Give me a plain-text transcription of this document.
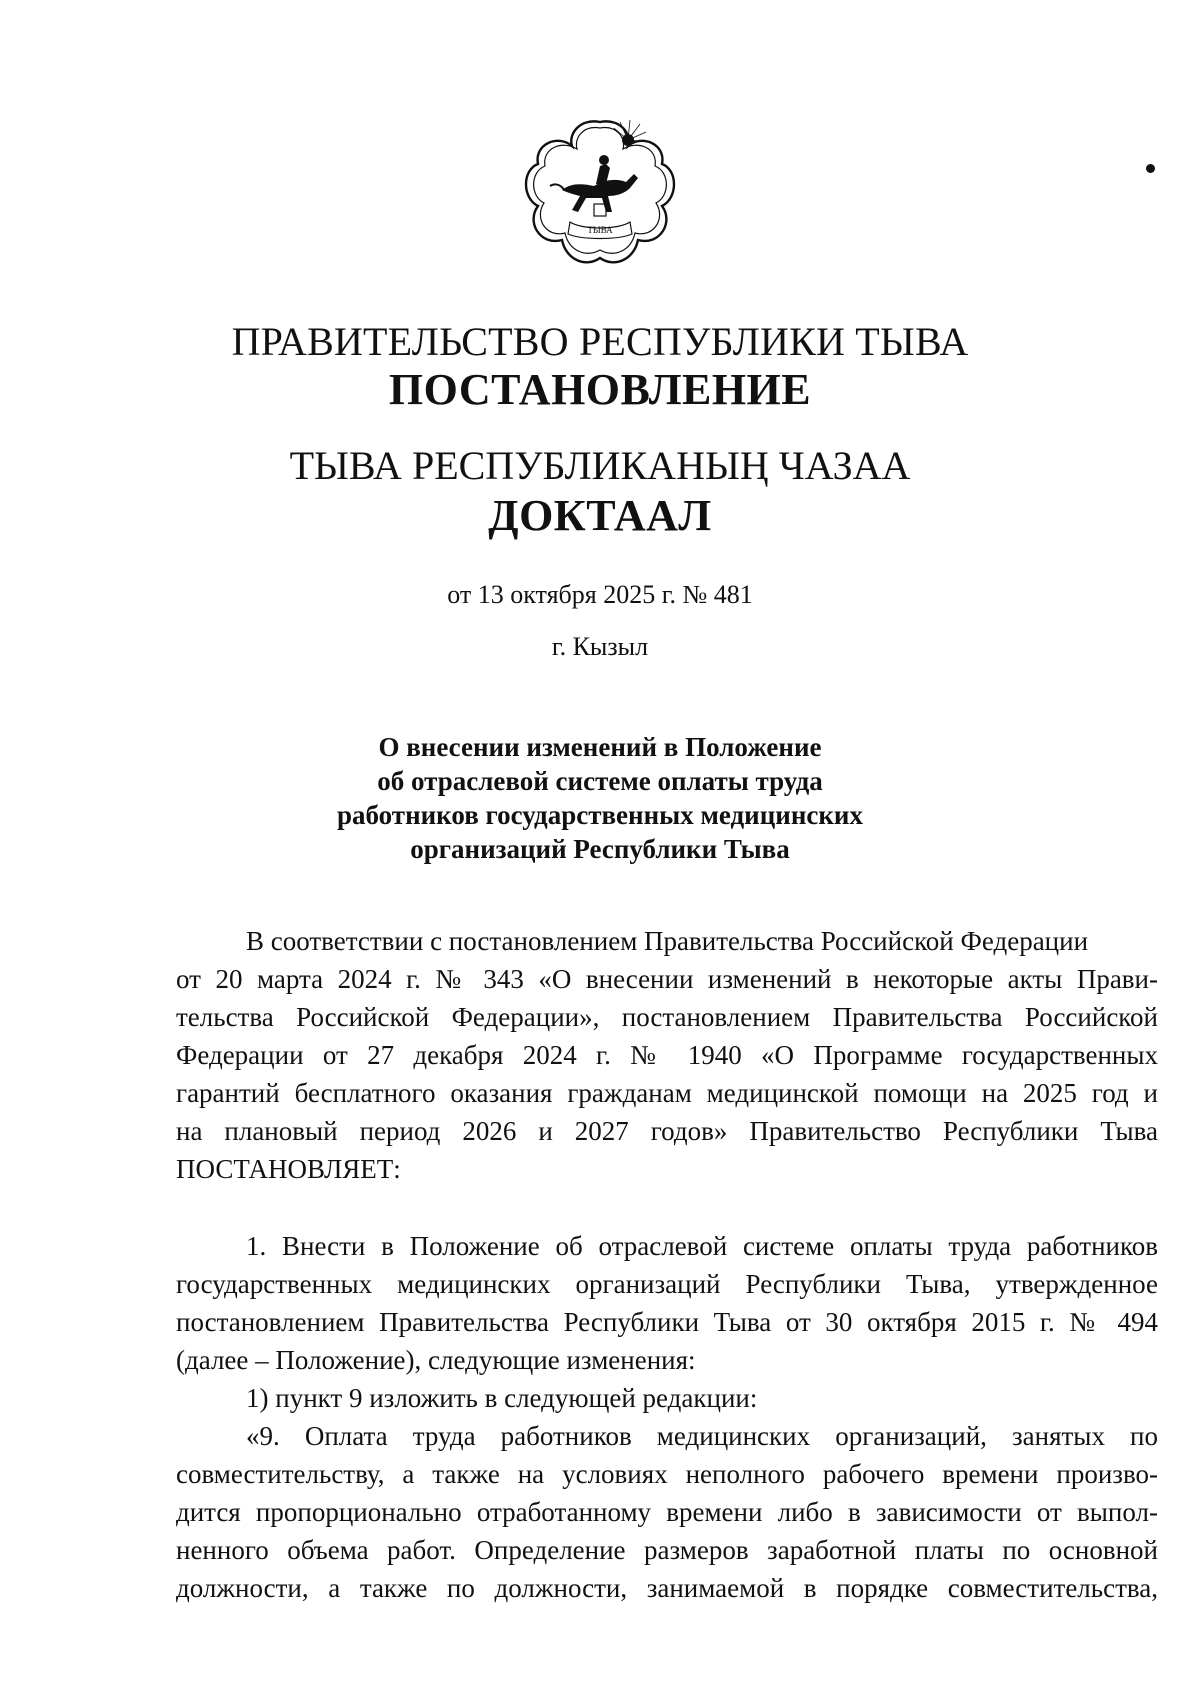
ТЫВА
ПРАВИТЕЛЬСТВО РЕСПУБЛИКИ ТЫВА
ПОСТАНОВЛЕНИЕ
ТЫВА РЕСПУБЛИКАНЫҢ ЧАЗАА
ДОКТААЛ
от 13 октября 2025 г. № 481
г. Кызыл
О внесении изменений в Положение
об отраслевой системе оплаты труда
работников государственных медицинских
организаций Республики Тыва
В соответствии с постановлением Правительства Российской Федерации
от 20 марта 2024 г. № 343 «О внесении изменений в некоторые акты Прави-
тельства Российской Федерации», постановлением Правительства Российской
Федерации от 27 декабря 2024 г. № 1940 «О Программе государственных
гарантий бесплатного оказания гражданам медицинской помощи на 2025 год и
на плановый период 2026 и 2027 годов» Правительство Республики Тыва
ПОСТАНОВЛЯЕТ:
1. Внести в Положение об отраслевой системе оплаты труда работников
государственных медицинских организаций Республики Тыва, утвержденное
постановлением Правительства Республики Тыва от 30 октября 2015 г. № 494
(далее – Положение), следующие изменения:
1) пункт 9 изложить в следующей редакции:
«9. Оплата труда работников медицинских организаций, занятых по
совместительству, а также на условиях неполного рабочего времени произво-
дится пропорционально отработанному времени либо в зависимости от выпол-
ненного объема работ. Определение размеров заработной платы по основной
должности, а также по должности, занимаемой в порядке совместительства,
